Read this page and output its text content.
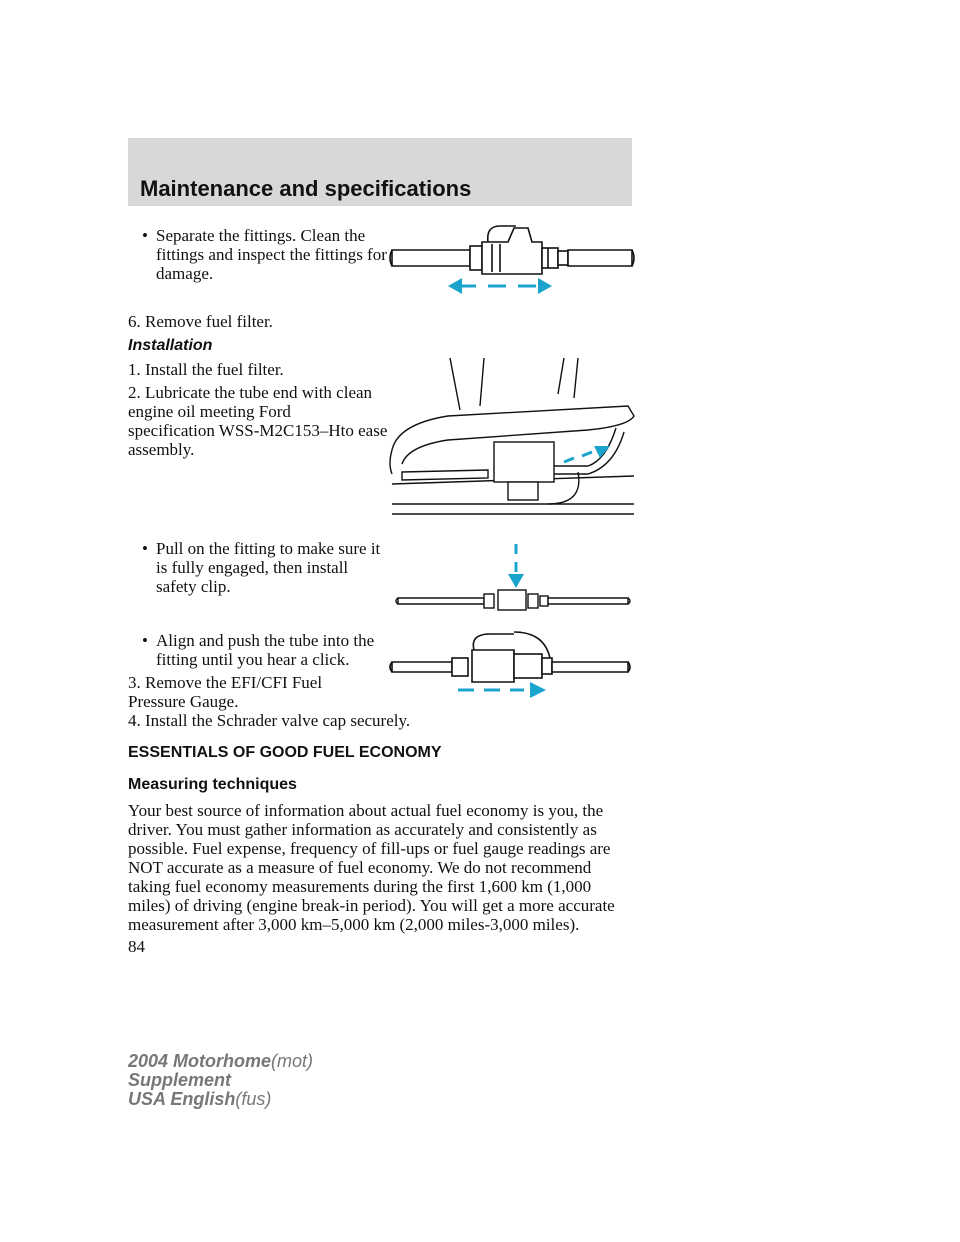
Maintenance and specifications
• Separate the fittings. Clean the
fittings and inspect the fittings for
damage.
6. Remove fuel filter.
Installation
1. Install the fuel filter.
2. Lubricate the tube end with clean
engine oil meeting Ford
specification WSS-M2C153–Hto ease
assembly.
• Pull on the fitting to make sure it
is fully engaged, then install
safety clip.
• Align and push the tube into the
fitting until you hear a click.
3. Remove the EFI/CFI Fuel
Pressure Gauge.
4. Install the Schrader valve cap securely.
ESSENTIALS OF GOOD FUEL ECONOMY
Measuring techniques
Your best source of information about actual fuel economy is you, the
driver. You must gather information as accurately and consistently as
possible. Fuel expense, frequency of fill-ups or fuel gauge readings are
NOT accurate as a measure of fuel economy. We do not recommend
taking fuel economy measurements during the first 1,600 km (1,000
miles) of driving (engine break-in period). You will get a more accurate
measurement after 3,000 km–5,000 km (2,000 miles-3,000 miles).
84
2004 Motorhome(mot)
Supplement
USA English(fus)
